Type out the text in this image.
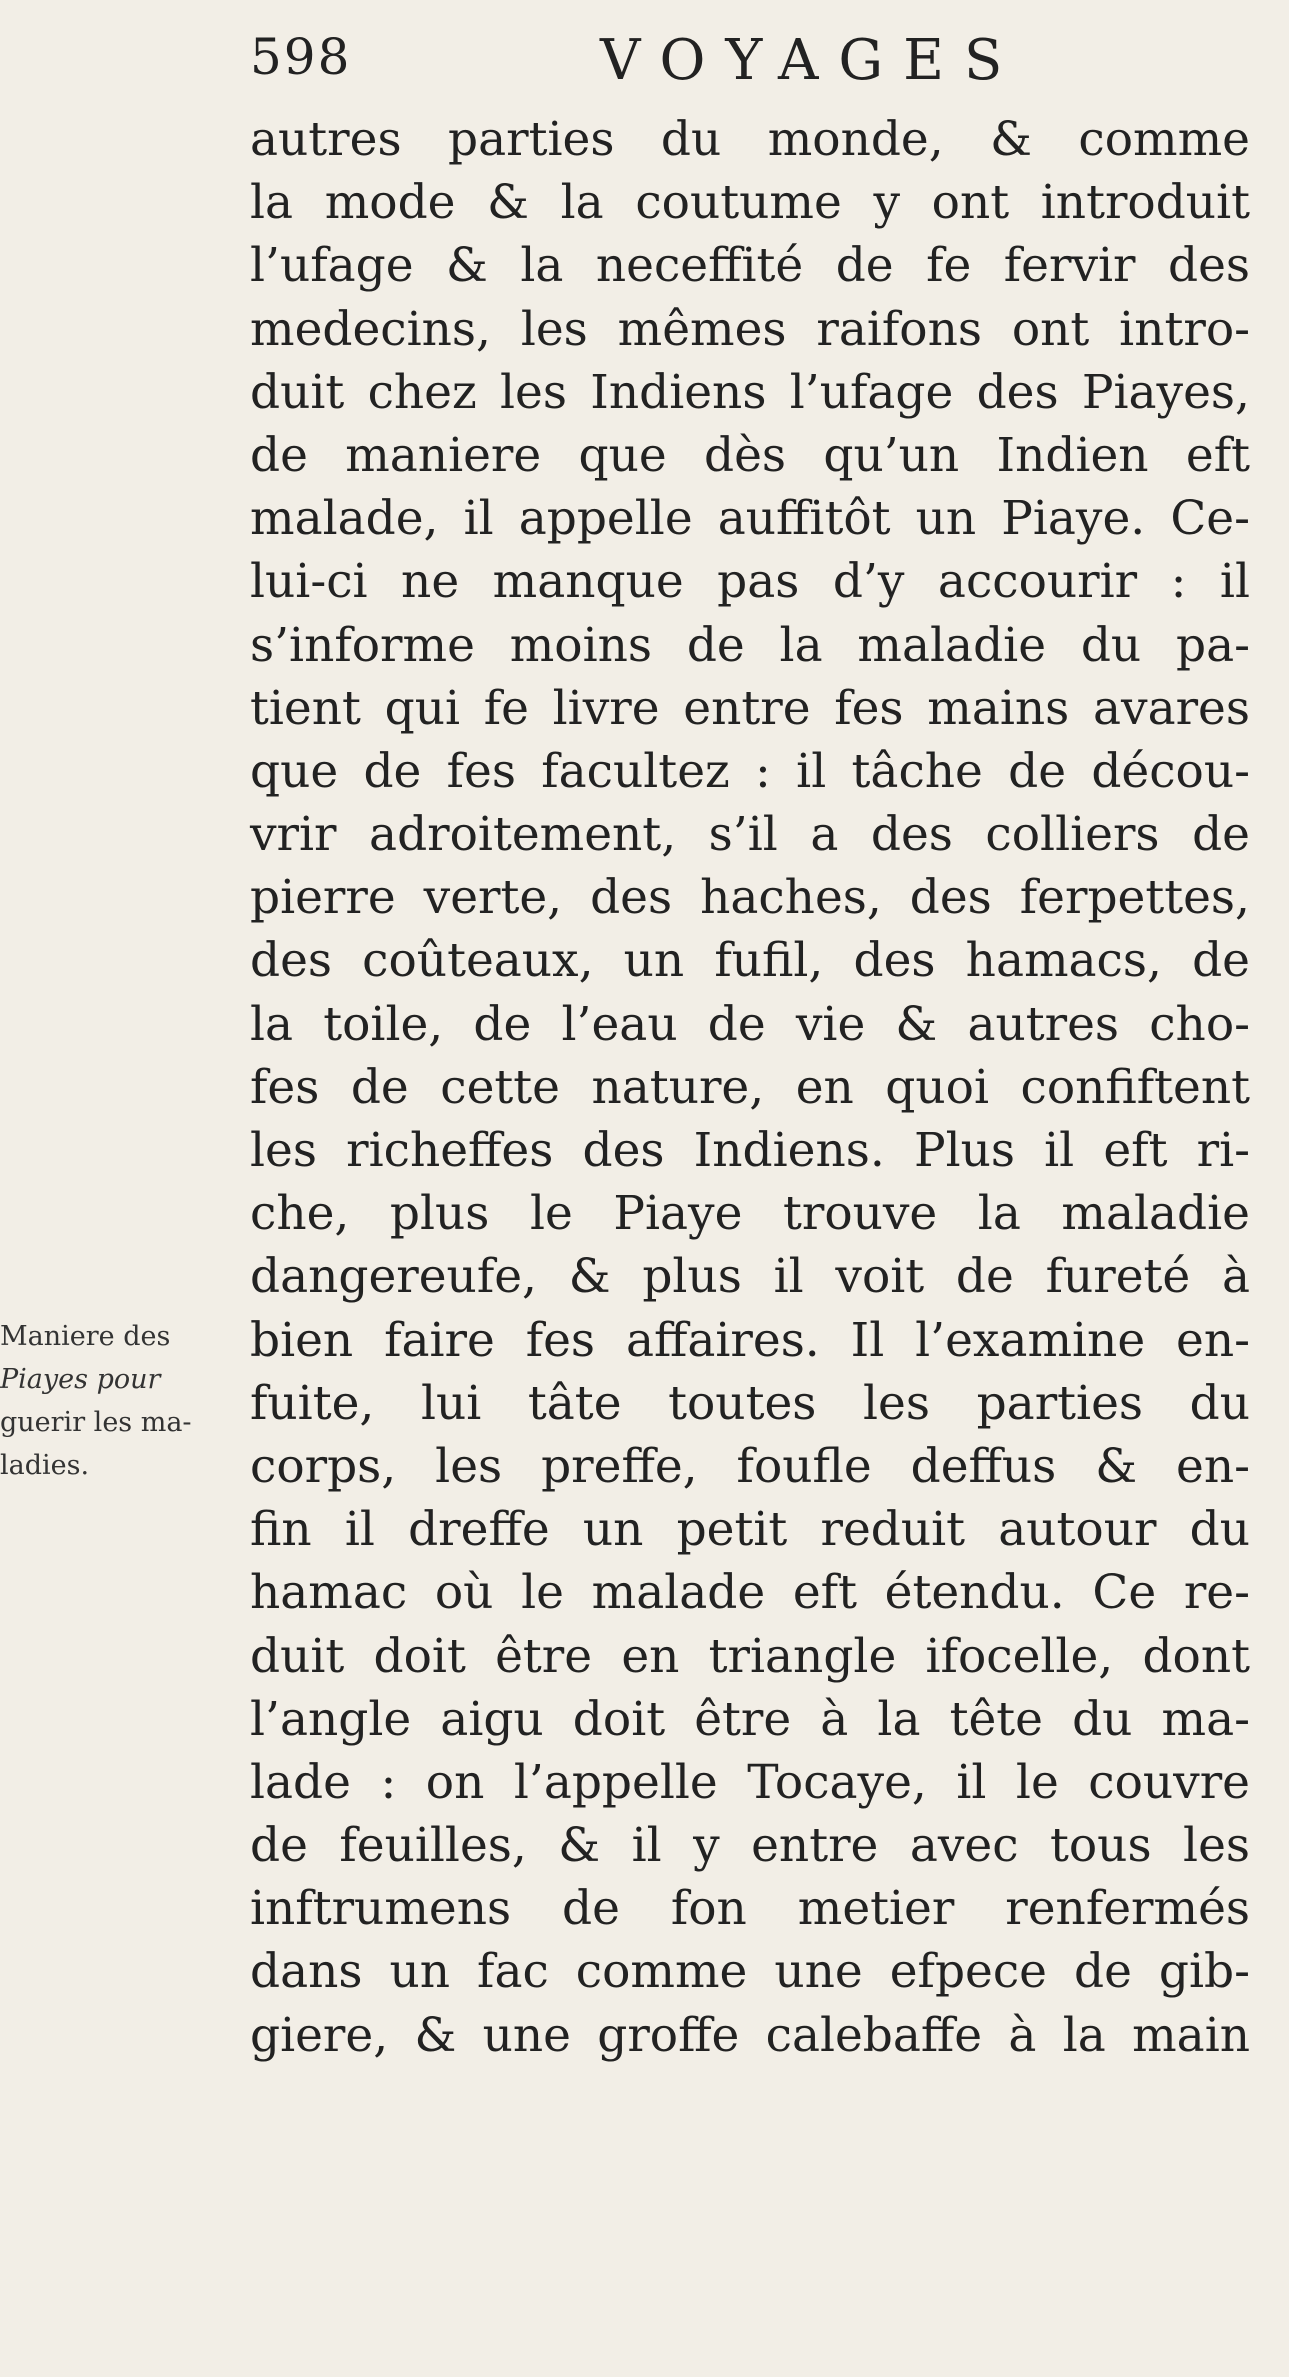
598	VOYAGES
Maniere des
Piayes pour
guerir les ma-
ladies.
autres parties du monde, & comme
la mode & la coutume y ont introduit
l’ufage & la neceffité de fe fervir des
medecins, les mêmes raifons ont intro-
duit chez les Indiens l’ufage des Piayes,
de maniere que dès qu’un Indien eft
malade, il appelle auffitôt un Piaye. Ce-
lui-ci ne manque pas d’y accourir : il
s’informe moins de la maladie du pa-
tient qui fe livre entre fes mains avares
que de fes facultez : il tâche de décou-
vrir adroitement, s’il a des colliers de
pierre verte, des haches, des ferpettes,
des coûteaux, un fufil, des hamacs, de
la toile, de l’eau de vie & autres cho-
fes de cette nature, en quoi confiftent
les richeffes des Indiens. Plus il eft ri-
che, plus le Piaye trouve la maladie
dangereufe, & plus il voit de fureté à
bien faire fes affaires. Il l’examine en-
fuite, lui tâte toutes les parties du
corps, les preffe, foufle deffus & en-
fin il dreffe un petit reduit autour du
hamac où le malade eft étendu. Ce re-
duit doit être en triangle ifocelle, dont
l’angle aigu doit être à la tête du ma-
lade : on l’appelle Tocaye, il le couvre
de feuilles, & il y entre avec tous les
inftrumens de fon metier renfermés
dans un fac comme une efpece de gib-
giere, & une groffe calebaffe à la main
